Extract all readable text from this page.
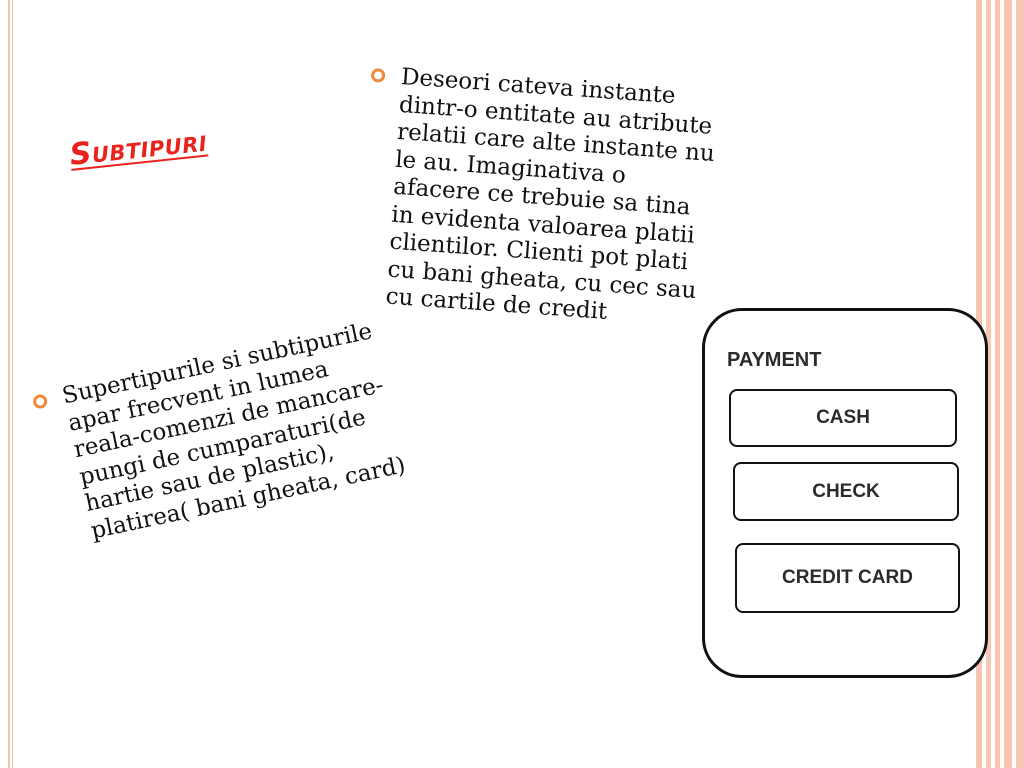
Subtipuri
Supertipurile si subtipurile apar frecvent in lumea reala-comenzi de mancare-pungi de cumparaturi(de hartie sau de plastic), platirea( bani gheata, card)
Deseori cateva instante dintr-o entitate au atribute relatii care alte instante nu le au. Imaginativa o afacere ce trebuie sa tina in evidenta valoarea platii clientilor. Clienti pot plati cu bani gheata, cu cec sau cu cartile de credit
PAYMENT
CASH
CHECK
CREDIT CARD
